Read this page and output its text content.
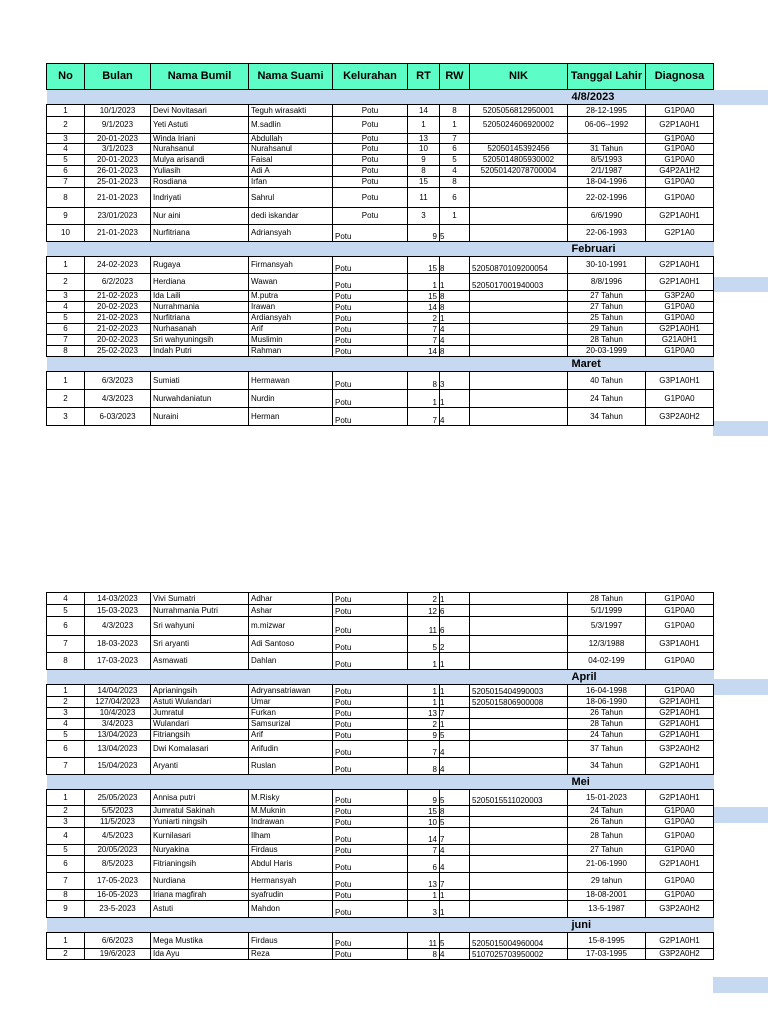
No	Bulan	Nama Bumil	Nama Suami	Kelurahan	RT	RW	NIK	Tanggal Lahir	Diagnosa
4/8/2023									
1	10/1/2023	Devi Novitasari	Teguh wirasakti	Potu	14	8	5205056812950001	28-12-1995	G1P0A0
2	9/1/2023	Yeti Astuti	M.sadlin	Potu	1	1	5205024606920002	06-06--1992	G2P1A0H1
3	20-01-2023	Winda Iriani	Abdullah	Potu	13	7			G1P0A0
4	3/1/2023	Nurahsanul	Nurahsanul	Potu	10	6	52050145392456	31 Tahun	G1P0A0
5	20-01-2023	Mulya arisandi	Faisal	Potu	9	5	5205014805930002	8/5/1993	G1P0A0
6	26-01-2023	Yuliasih	Adi A	Potu	8	4	52050142078700004	2/1/1987	G4P2A1H2
7	25-01-2023	Rosdiana	Irfan	Potu	15	8		18-04-1996	G1P0A0
8	21-01-2023	Indriyati	Sahrul	Potu	11	6		22-02-1996	G1P0A0
9	23/01/2023	Nur aini	dedi iskandar	Potu	3	1		6/6/1990	G2P1A0H1
10	21-01-2023	Nurfitriana	Adriansyah	Potu	9	5		22-06-1993	G2P1A0
Februari									
1	24-02-2023	Rugaya	Firmansyah	Potu	15	8	52050870109200054	30-10-1991	G2P1A0H1
2	6/2/2023	Herdiana	Wawan	Potu	1	1	5205017001940003	8/8/1996	G2P1A0H1
3	21-02-2023	Ida Laili	M.putra	Potu	15	8		27 Tahun	G3P2A0
4	20-02-2023	Nurrahmania	Irawan	Potu	14	8		27 Tahun	G1P0A0
5	21-02-2023	Nurfitriana	Ardiansyah	Potu	2	1		25 Tahun	G1P0A0
6	21-02-2023	Nurhasanah	Arif	Potu	7	4		29 Tahun	G2P1A0H1
7	20-02-2023	Sri wahyuningsih	Muslimin	Potu	7	4		28 Tahun	G21A0H1
8	25-02-2023	Indah Putri	Rahman	Potu	14	8		20-03-1999	G1P0A0
Maret									
1	6/3/2023	Sumiati	Hermawan	Potu	8	3		40 Tahun	G3P1A0H1
2	4/3/2023	Nurwahdaniatun	Nurdin	Potu	1	1		24 Tahun	G1P0A0
3	6-03/2023	Nuraini	Herman	Potu	7	4		34 Tahun	G3P2A0H2
4	14-03/2023	Vivi Sumatri	Adhar	Potu	2	1		28 Tahun	G1P0A0
5	15-03-2023	Nurrahmania Putri	Ashar	Potu	12	6		5/1/1999	G1P0A0
6	4/3/2023	Sri wahyuni	m.mizwar	Potu	11	6		5/3/1997	G1P0A0
7	18-03-2023	Sri aryanti	Adi Santoso	Potu	5	2		12/3/1988	G3P1A0H1
8	17-03-2023	Asmawati	Dahlan	Potu	1	1		04-02-199	G1P0A0
April									
1	14/04/2023	Aprianingsih	Adryansatriawan	Potu	1	1	5205015404990003	16-04-1998	G1P0A0
2	127/04/2023	Astuti Wulandari	Umar	Potu	1	1	5205015806900008	18-06-1990	G2P1A0H1
3	10/4/2023	Jumratul	Furkan	Potu	13	7		26 Tahun	G2P1A0H1
4	3/4/2023	Wulandari	Samsurizal	Potu	2	1		28 Tahun	G2P1A0H1
5	13/04/2023	Fitriangsih	Arif	Potu	9	5		24 Tahun	G2P1A0H1
6	13/04/2023	Dwi Komalasari	Arifudin	Potu	7	4		37 Tahun	G3P2A0H2
7	15/04/2023	Aryanti	Ruslan	Potu	8	4		34 Tahun	G2P1A0H1
Mei									
1	25/05/2023	Annisa putri	M.Risky	Potu	9	5	5205015511020003	15-01-2023	G2P1A0H1
2	5/5/2023	Jumratul Sakinah	M.Muknin	Potu	15	8		24 Tahun	G1P0A0
3	11/5/2023	Yuniarti ningsih	Indrawan	Potu	10	5		26 Tahun	G1P0A0
4	4/5/2023	Kurnilasari	Ilham	Potu	14	7		28 Tahun	G1P0A0
5	20/05/2023	Nuryakina	Firdaus	Potu	7	4		27 Tahun	G1P0A0
6	8/5/2023	Fitrianingsih	Abdul Haris	Potu	6	4		21-06-1990	G2P1A0H1
7	17-05-2023	Nurdiana	Hermansyah	Potu	13	7		29 tahun	G1P0A0
8	16-05-2023	Iriana magfirah	syafrudin	Potu	1	1		18-08-2001	G1P0A0
9	23-5-2023	Astuti	Mahdon	Potu	3	1		13-5-1987	G3P2A0H2
juni									
1	6/6/2023	Mega Mustika	Firdaus	Potu	11	5	5205015004960004	15-8-1995	G2P1A0H1
2	19/6/2023	Ida Ayu	Reza	Potu	8	4	5107025703950002	17-03-1995	G3P2A0H2
